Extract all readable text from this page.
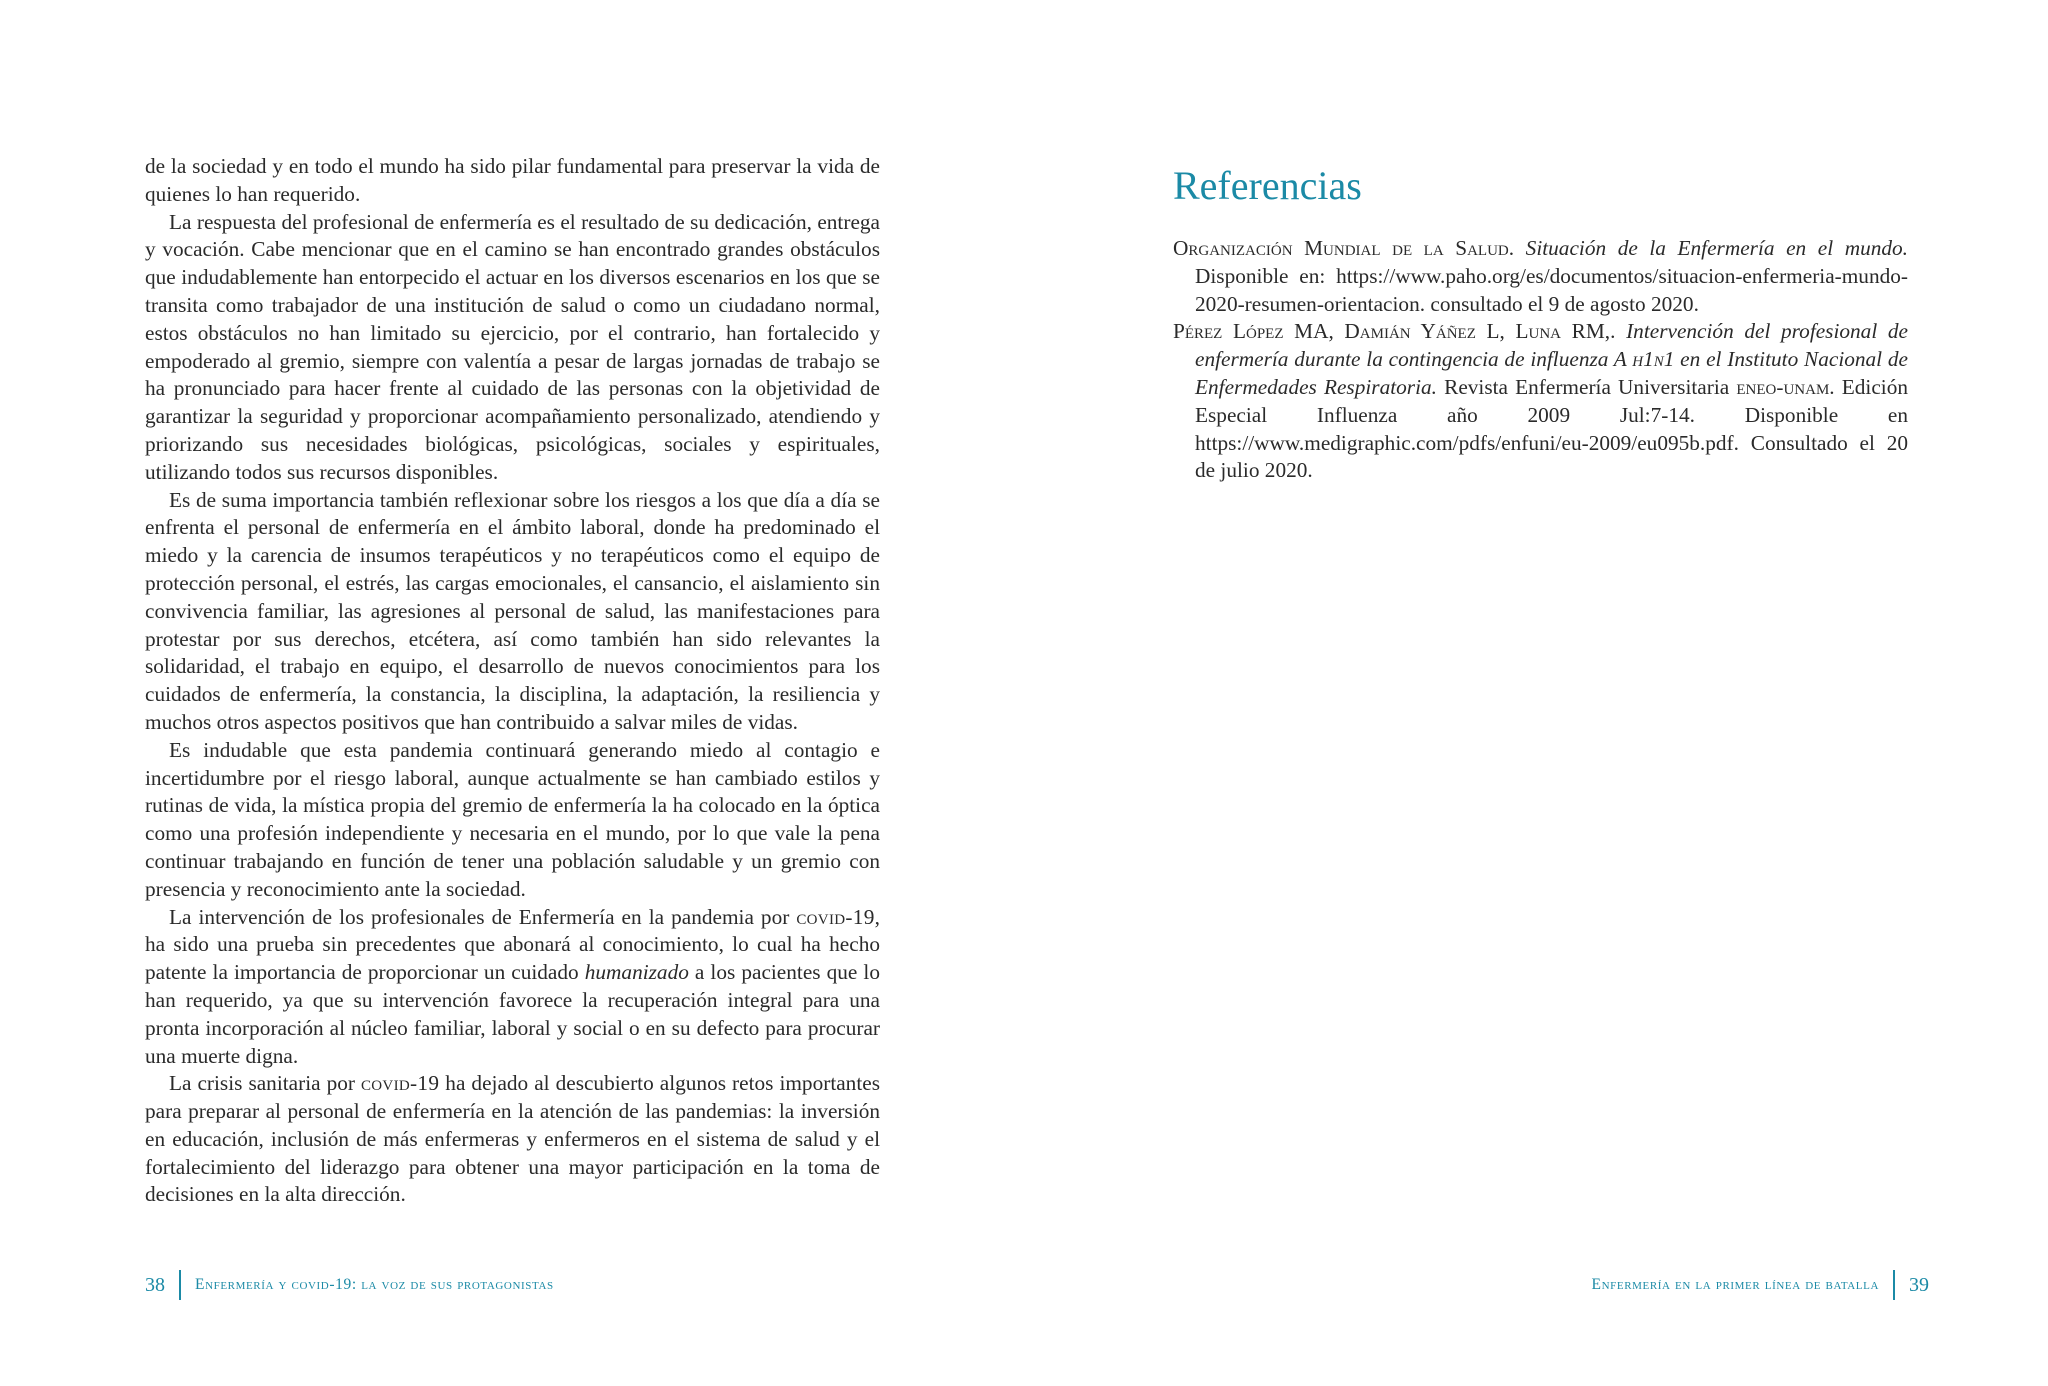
de la sociedad y en todo el mundo ha sido pilar fundamental para preservar la vida de quienes lo han requerido.

La respuesta del profesional de enfermería es el resultado de su dedicación, entrega y vocación. Cabe mencionar que en el camino se han encontrado grandes obstáculos que indudablemente han entorpecido el actuar en los diversos escenarios en los que se transita como trabajador de una institución de salud o como un ciudadano normal, estos obstáculos no han limitado su ejercicio, por el contrario, han fortalecido y empoderado al gremio, siempre con valentía a pesar de largas jornadas de trabajo se ha pronunciado para hacer frente al cuidado de las personas con la objetividad de garantizar la seguridad y proporcionar acompañamiento personalizado, atendiendo y priorizando sus necesidades biológicas, psicológicas, sociales y espirituales, utilizando todos sus recursos disponibles.

Es de suma importancia también reflexionar sobre los riesgos a los que día a día se enfrenta el personal de enfermería en el ámbito laboral, donde ha predominado el miedo y la carencia de insumos terapéuticos y no terapéuticos como el equipo de protección personal, el estrés, las cargas emocionales, el cansancio, el aislamiento sin convivencia familiar, las agresiones al personal de salud, las manifestaciones para protestar por sus derechos, etcétera, así como también han sido relevantes la solidaridad, el trabajo en equipo, el desarrollo de nuevos conocimientos para los cuidados de enfermería, la constancia, la disciplina, la adaptación, la resiliencia y muchos otros aspectos positivos que han contribuido a salvar miles de vidas.

Es indudable que esta pandemia continuará generando miedo al contagio e incertidumbre por el riesgo laboral, aunque actualmente se han cambiado estilos y rutinas de vida, la mística propia del gremio de enfermería la ha colocado en la óptica como una profesión independiente y necesaria en el mundo, por lo que vale la pena continuar trabajando en función de tener una población saludable y un gremio con presencia y reconocimiento ante la sociedad.

La intervención de los profesionales de Enfermería en la pandemia por covid-19, ha sido una prueba sin precedentes que abonará al conocimiento, lo cual ha hecho patente la importancia de proporcionar un cuidado humanizado a los pacientes que lo han requerido, ya que su intervención favorece la recuperación integral para una pronta incorporación al núcleo familiar, laboral y social o en su defecto para procurar una muerte digna.

La crisis sanitaria por covid-19 ha dejado al descubierto algunos retos importantes para preparar al personal de enfermería en la atención de las pandemias: la inversión en educación, inclusión de más enfermeras y enfermeros en el sistema de salud y el fortalecimiento del liderazgo para obtener una mayor participación en la toma de decisiones en la alta dirección.

38 Enfermería y covid-19: la voz de sus protagonistas
Referencias

Organización Mundial de la Salud. Situación de la Enfermería en el mundo. Disponible en: https://www.paho.org/es/documentos/situacion-enfermeria-mundo-2020-resumen-orientacion. consultado el 9 de agosto 2020.

Pérez López MA, Damián Yáñez L, Luna RM,. Intervención del profesional de enfermería durante la contingencia de influenza A h1n1 en el Instituto Nacional de Enfermedades Respiratoria. Revista Enfermería Universitaria eneo-unam. Edición Especial Influenza año 2009 Jul:7-14. Disponible en https://www.medigraphic.com/pdfs/enfuni/eu-2009/eu095b.pdf. Consultado el 20 de julio 2020.

Enfermería en la primer línea de batalla 39
